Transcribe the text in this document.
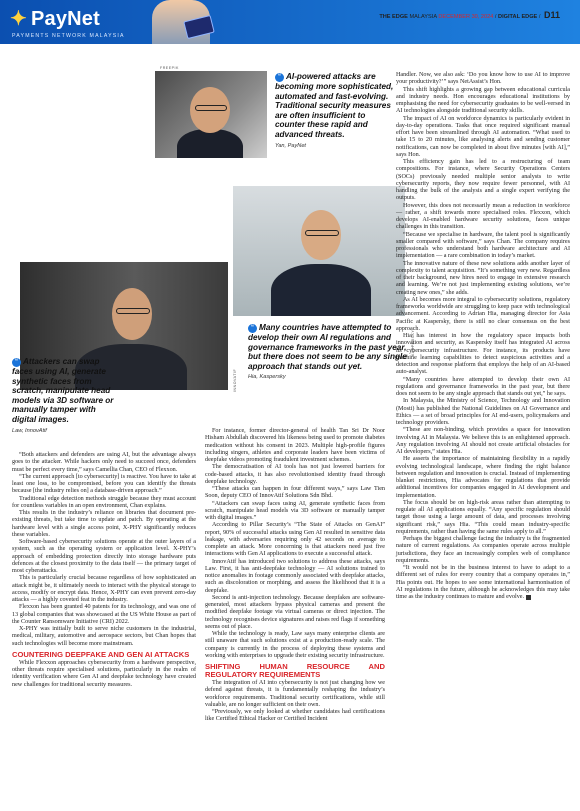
✦ PayNet
PAYMENTS NETWORK MALAYSIA
THE EDGE MALAYSIA DECEMBER 30, 2024 / DIGITAL EDGE / D11
FREEPIK
“ AI-powered attacks are becoming more sophisticated, automated and fast-evolving. Traditional security measures are often insufficient to counter these rapid and advanced threats.
Yan, PayNet
KASPERSKY
“ Many countries have attempted to develop their own AI regulations and governance frameworks in the past year, but there does not seem to be any single approach that stands out yet.
Hia, Kaspersky
INNOVATIF
“ Attackers can swap faces using AI, generate synthetic faces from scratch, manipulate head models via 3D software or manually tamper with digital images.
Law, InnovAtif

“Both attackers and defenders are using AI, but the advantage always goes to the attacker. While hackers only need to succeed once, defenders must be perfect every time,” says Camellia Chan, CEO of Flexxon.

“The current approach [to cybersecurity] is reactive. You have to take at least one loss, to be compromised, before you can identify the threats because [the industry relies on] a database-driven approach.”

Traditional edge detection methods struggle because they must account for countless variables in an open environment, Chan explains.

This results in the industry’s reliance on libraries that document pre-existing threats, but take time to update and patch. By operating at the hardware level with a single access point, X-PHY significantly reduces these variables.

Software-based cybersecurity solutions operate at the outer layers of a system, such as the operating system or application level. X-PHY’s approach of embedding protection directly into storage hardware puts defences at the closest proximity to the data itself — the primary target of most cyberattacks.

This is particularly crucial because regardless of how sophisticated an attack might be, it ultimately needs to interact with the physical storage to access, modify or encrypt data. Hence, X-PHY can even prevent zero-day attacks — a highly coveted feat in the industry.

Flexxon has been granted 40 patents for its technology, and was one of 13 global companies that was showcased at the US White House as part of the Counter Ransomware Initiative (CRI) 2022.

X-PHY was initially built to serve niche customers in the industrial, medical, military, automotive and aerospace sectors, but Chan hopes that such technologies will become more mainstream.

COUNTERING DEEPFAKE AND GEN AI ATTACKS

While Flexxon approaches cybersecurity from a hardware perspective, other threats require specialised solutions, particularly in the realm of identity verification where Gen AI and deepfake technology have created new challenges for traditional security measures.

For instance, former director-general of health Tan Sri Dr Noor Hisham Abdullah discovered his likeness being used to promote diabetes medication without his consent in 2023. Multiple high-profile figures including singers, athletes and corporate leaders have been victims of deepfake videos promoting fraudulent investment schemes.

The democratisation of AI tools has not just lowered barriers for code-based attacks, it has also revolutionised identity fraud through deepfake technology.

“These attacks can happen in four different ways,” says Law Tien Soon, deputy CEO of InnovAtif Solutions Sdn Bhd.

“Attackers can swap faces using AI, generate synthetic faces from scratch, manipulate head models via 3D software or manually tamper with digital images.”

According to Pillar Security’s “The State of Attacks on GenAI” report, 90% of successful attacks using Gen AI resulted in sensitive data leakage, with adversaries requiring only 42 seconds on average to complete an attack. More concerning is that attackers need just five interactions with Gen AI applications to execute a successful attack.

InnovAtif has introduced two solutions to address these attacks, says Law. First, it has anti-deepfake technology — AI solutions trained to notice anomalies in footage commonly associated with deepfake attacks, such as discoloration or morphing, and assess the likelihood that it is a deepfake.

Second is anti-injection technology. Because deepfakes are software-generated, most attackers bypass physical cameras and present the modified deepfake footage via virtual cameras or direct injection. The technology recognises device signatures and raises red flags if something seems out of place.

While the technology is ready, Law says many enterprise clients are still unaware that such solutions exist at a production-ready scale. The company is currently in the process of deploying these systems and working with enterprises to upgrade their existing security infrastructure.

SHIFTING HUMAN RESOURCE AND REGULATORY REQUIREMENTS

The integration of AI into cybersecurity is not just changing how we defend against threats, it is fundamentally reshaping the industry’s workforce requirements. Traditional security certifications, while still valuable, are no longer sufficient on their own.

“Previously, we only looked at whether candidates had certifications like Certified Ethical Hacker or Certified Incident

Handler. Now, we also ask: ‘Do you know how to use AI to improve your productivity?’” says NetAssist’s Hon.

This shift highlights a growing gap between educational curricula and industry needs. Hon encourages educational institutions by emphasising the need for cybersecurity graduates to be well-versed in AI technologies alongside traditional security skills.

The impact of AI on workforce dynamics is particularly evident in day-to-day operations. Tasks that once required significant manual effort have been streamlined through AI automation. “What used to take 15 to 20 minutes, like analysing alerts and sending customer notifications, can now be completed in about five minutes [with AI],” says Hon.

This efficiency gain has led to a restructuring of team compositions. For instance, where Security Operations Centers (SOCs) previously needed multiple senior analysts to write cybersecurity reports, they now require fewer personnel, with AI handling the bulk of the analysis and a single expert verifying the outputs.

However, this does not necessarily mean a reduction in workforce — rather, a shift towards more specialised roles. Flexxon, which develops AI-enabled hardware security solutions, faces unique challenges in this transition.

“Because we specialise in hardware, the talent pool is significantly smaller compared with software,” says Chan. The company requires professionals who understand both hardware architecture and AI implementation — a rare combination in today’s market.

The innovative nature of these new solutions adds another layer of complexity to talent acquisition. “It’s something very new. Regardless of their background, new hires need to engage in extensive research and learning. We’re not just implementing existing solutions, we’re creating new ones,” she adds.

As AI becomes more integral to cybersecurity solutions, regulatory frameworks worldwide are struggling to keep pace with technological advancement. According to Adrian Hia, managing director for Asia Pacific at Kaspersky, there is still no clear consensus on the best approach.

Hia has interest in how the regulatory space impacts both innovation and security, as Kaspersky itself has integrated AI across its cybersecurity infrastructure. For instance, its products have machine learning capabilities to detect suspicious activities and a detection and response platform that employs the help of an AI-based auto-analyst.

“Many countries have attempted to develop their own AI regulations and governance frameworks in the past year, but there does not seem to be any single approach that stands out yet,” he says.

In Malaysia, the Ministry of Science, Technology and Innovation (Mosti) has published the National Guidelines on AI Governance and Ethics — a set of broad principles for AI end-users, policymakers and technology providers.

“These are non-binding, which provides a space for innovation involving AI in Malaysia. We believe this is an enlightened approach. Any regulation involving AI should not create artificial obstacles for AI developers,” states Hia.

He asserts the importance of maintaining flexibility in a rapidly evolving technological landscape, where finding the right balance between regulation and innovation is crucial. Instead of implementing blanket restrictions, Hia advocates for regulations that provide additional incentives for companies engaged in AI development and implementation.

The focus should be on high-risk areas rather than attempting to regulate all AI applications equally. “Any specific regulation should target those using a large amount of data, and processes involving significant risk,” says Hia. “This could mean industry-specific requirements, rather than having the same rules apply to all.”

Perhaps the biggest challenge facing the industry is the fragmented nature of current regulations. As companies operate across multiple jurisdictions, they face an increasingly complex web of compliance requirements.

“It would not be in the business interest to have to adapt to a different set of rules for every country that a company operates in,” Hia points out. He hopes to see some international harmonisation of AI regulations in the future, although he acknowledges this may take time as the industry continues to mature and evolve.	E
